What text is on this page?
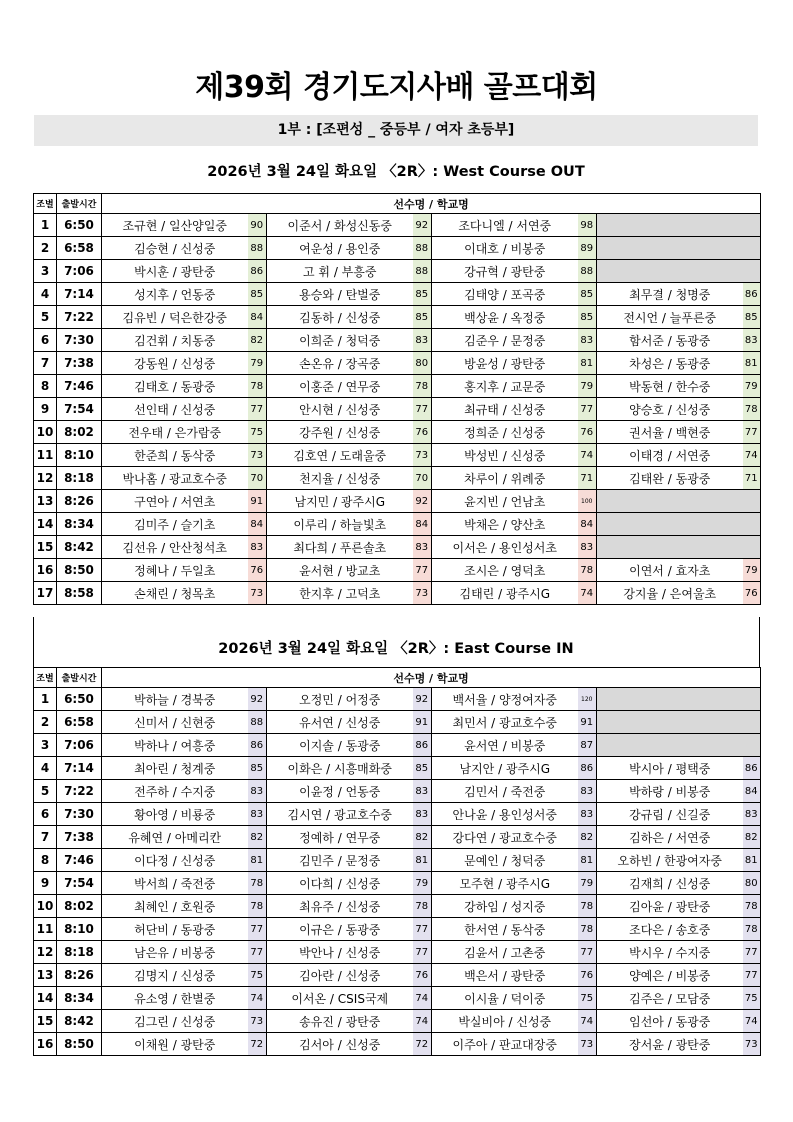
제39회 경기도지사배 골프대회
1부 : [조편성 _ 중등부 / 여자 초등부]
2026년 3월 24일 화요일 〈2R〉: West Course OUT
조별	출발시간	선수명 / 학교명							
1	6:50	조규현 / 일산양일중	90	이준서 / 화성신동중	92	조다니엘 / 서연중	98		
2	6:58	김승현 / 신성중	88	여운성 / 용인중	88	이대호 / 비봉중	89		
3	7:06	박시훈 / 광탄중	86	고 휘 / 부흥중	88	강규혁 / 광탄중	88		
4	7:14	성지후 / 언동중	85	용승와 / 탄벌중	85	김태양 / 포곡중	85	최무결 / 청명중	86
5	7:22	김유빈 / 덕은한강중	84	김동하 / 신성중	85	백상윤 / 옥정중	85	전시언 / 늘푸른중	85
6	7:30	김건휘 / 치동중	82	이희준 / 청덕중	83	김준우 / 문정중	83	함서준 / 동광중	83
7	7:38	강동원 / 신성중	79	손온유 / 장곡중	80	방윤성 / 광탄중	81	차성은 / 동광중	81
8	7:46	김태호 / 동광중	78	이홍준 / 연무중	78	홍지후 / 교문중	79	박동현 / 한수중	79
9	7:54	선인태 / 신성중	77	안시현 / 신성중	77	최규태 / 신성중	77	양승호 / 신성중	78
10	8:02	전우태 / 은가람중	75	강주원 / 신성중	76	정희준 / 신성중	76	권서율 / 백현중	77
11	8:10	한준희 / 동삭중	73	김호연 / 도래울중	73	박성빈 / 신성중	74	이태경 / 서연중	74
12	8:18	박나홈 / 광교호수중	70	천지율 / 신성중	70	차루이 / 위례중	71	김태완 / 동광중	71
13	8:26	구연아 / 서연초	91	남지민 / 광주시G	92	윤지빈 / 언남초	100		
14	8:34	김미주 / 슬기초	84	이루리 / 하늘빛초	84	박채은 / 양산초	84		
15	8:42	김선유 / 안산청석초	83	최다희 / 푸른솔초	83	이서은 / 용인성서초	83		
16	8:50	정혜나 / 두일초	76	윤서현 / 방교초	77	조시은 / 영덕초	78	이연서 / 효자초	79
17	8:58	손채린 / 청목초	73	한지후 / 고덕초	73	김태린 / 광주시G	74	강지율 / 은여울초	76
2026년 3월 24일 화요일 〈2R〉: East Course IN
조별	출발시간	선수명 / 학교명							
1	6:50	박하늘 / 경북중	92	오정민 / 어정중	92	백서율 / 양정여자중	120		
2	6:58	신미서 / 신현중	88	유서연 / 신성중	91	최민서 / 광교호수중	91		
3	7:06	박하나 / 여흥중	86	이지솔 / 동광중	86	윤서연 / 비봉중	87		
4	7:14	최아린 / 청계중	85	이화은 / 시흥매화중	85	남지안 / 광주시G	86	박시아 / 평택중	86
5	7:22	전주하 / 수지중	83	이윤정 / 언동중	83	김민서 / 죽전중	83	박하랑 / 비봉중	84
6	7:30	황아영 / 비룡중	83	김시연 / 광교호수중	83	안나윤 / 용인성서중	83	강규림 / 신길중	83
7	7:38	유혜연 / 아메리칸	82	정예하 / 연무중	82	강다연 / 광교호수중	82	김하은 / 서연중	82
8	7:46	이다정 / 신성중	81	김민주 / 문정중	81	문예인 / 청덕중	81	오하빈 / 한광여자중	81
9	7:54	박서희 / 죽전중	78	이다희 / 신성중	79	모주현 / 광주시G	79	김재희 / 신성중	80
10	8:02	최혜인 / 호원중	78	최유주 / 신성중	78	강하임 / 성지중	78	김아윤 / 광탄중	78
11	8:10	허단비 / 동광중	77	이규은 / 동광중	77	한서연 / 동삭중	78	조다은 / 송호중	78
12	8:18	남은유 / 비봉중	77	박안나 / 신성중	77	김윤서 / 고촌중	77	박시우 / 수지중	77
13	8:26	김명지 / 신성중	75	김아란 / 신성중	76	백은서 / 광탄중	76	양예은 / 비봉중	77
14	8:34	유소영 / 한별중	74	이서온 / CSIS국제	74	이시율 / 덕이중	75	김주은 / 모담중	75
15	8:42	김그린 / 신성중	73	송유진 / 광탄중	74	박실비아 / 신성중	74	임선아 / 동광중	74
16	8:50	이채원 / 광탄중	72	김서아 / 신성중	72	이주아 / 판교대장중	73	장서윤 / 광탄중	73
